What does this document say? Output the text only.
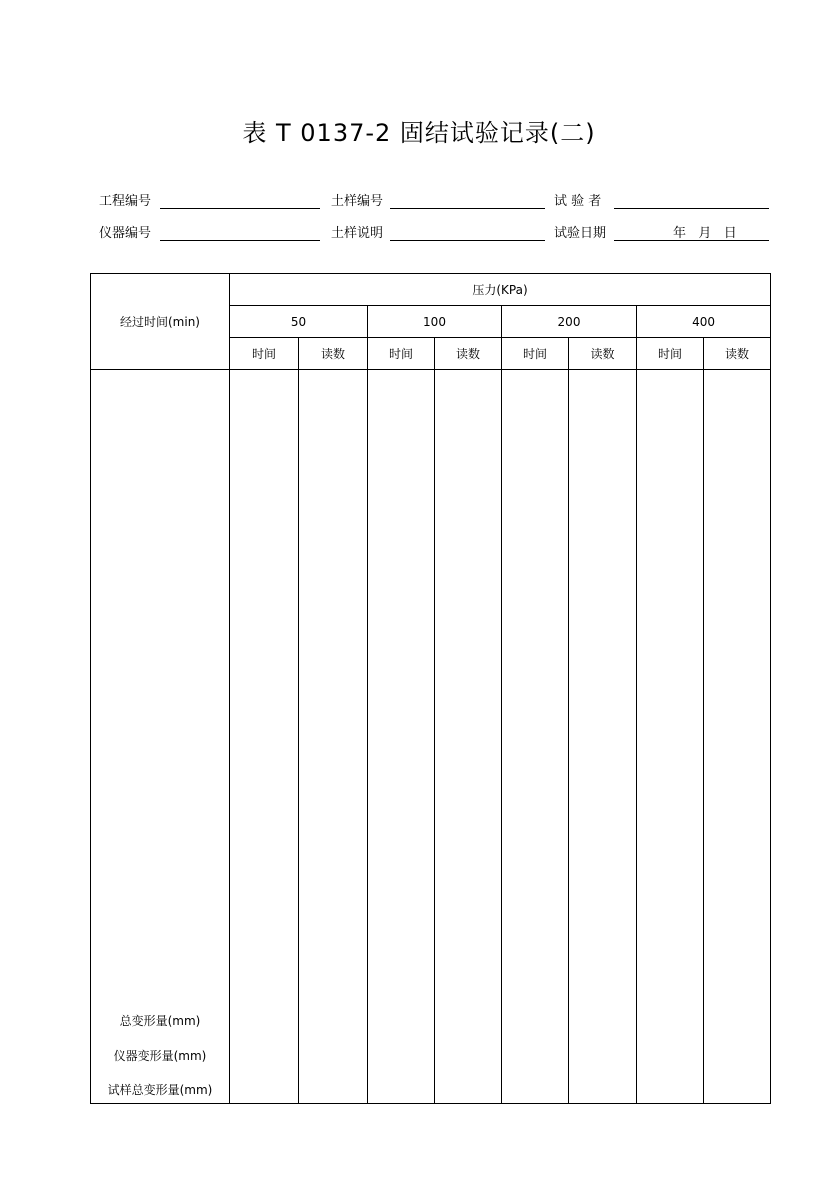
表 T 0137-2 固结试验记录(二)
工程编号	土样编号	试 验 者
仪器编号	土样说明	试验日期	年   月   日
经过时间(min)	压力(KPa)							
	50		100		200		400	
	时间	读数	时间	读数	时间	读数	时间	读数

总变形量(mm)
仪器变形量(mm)
试样总变形量(mm)								
